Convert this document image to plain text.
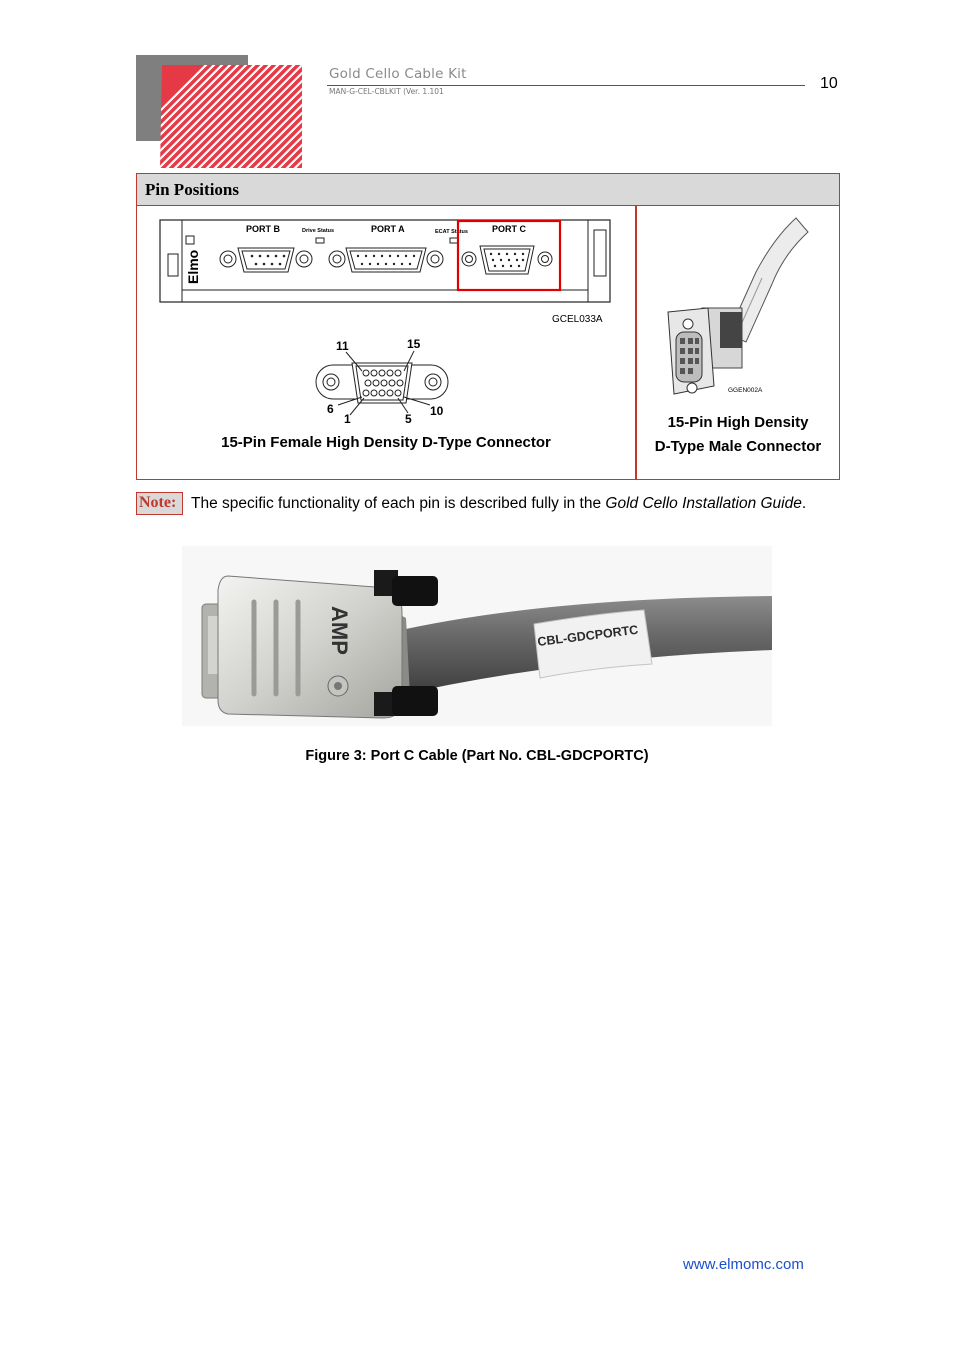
Gold Cello Cable Kit
MAN-G-CEL-CBLKIT (Ver. 1.101	10
Pin Positions
Elmo
PORT B	Drive Status	PORT A	ECAT Status	PORT C
GCEL033A
11	15
6
1	5
10
15-Pin Female High Density D-Type Connector
GGEN002A
15-Pin High Density
D-Type Male Connector
The specific functionality of each pin is described fully in the Gold Cello Installation Guide.
Note:
CBL-GDCPORTC
AMP
Figure 3: Port C Cable (Part No. CBL-GDCPORTC)
www.elmomc.com
